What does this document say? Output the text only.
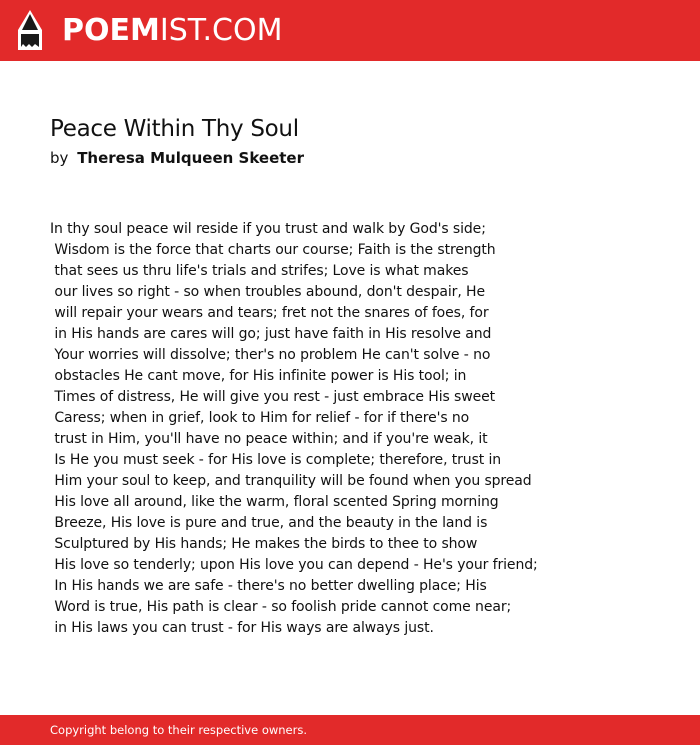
POEMIST.COM
Peace Within Thy Soul
by Theresa Mulqueen Skeeter
In thy soul peace wil reside if you trust and walk by God's side;
Wisdom is the force that charts our course; Faith is the strength
that sees us thru life's trials and strifes; Love is what makes
our lives so right - so when troubles abound, don't despair, He
will repair your wears and tears; fret not the snares of foes, for
in His hands are cares will go; just have faith in His resolve and
Your worries will dissolve; ther's no problem He can't solve - no
obstacles He cant move, for His infinite power is His tool; in
Times of distress, He will give you rest - just embrace His sweet
Caress; when in grief, look to Him for relief - for if there's no
trust in Him, you'll have no peace within; and if you're weak, it
Is He you must seek - for His love is complete; therefore, trust in
Him your soul to keep, and tranquility will be found when you spread
His love all around, like the warm, floral scented Spring morning
Breeze, His love is pure and true, and the beauty in the land is
Sculptured by His hands; He makes the birds to thee to show
His love so tenderly; upon His love you can depend - He's your friend;
In His hands we are safe - there's no better dwelling place; His
Word is true, His path is clear - so foolish pride cannot come near;
in His laws you can trust - for His ways are always just.
Copyright belong to their respective owners.
